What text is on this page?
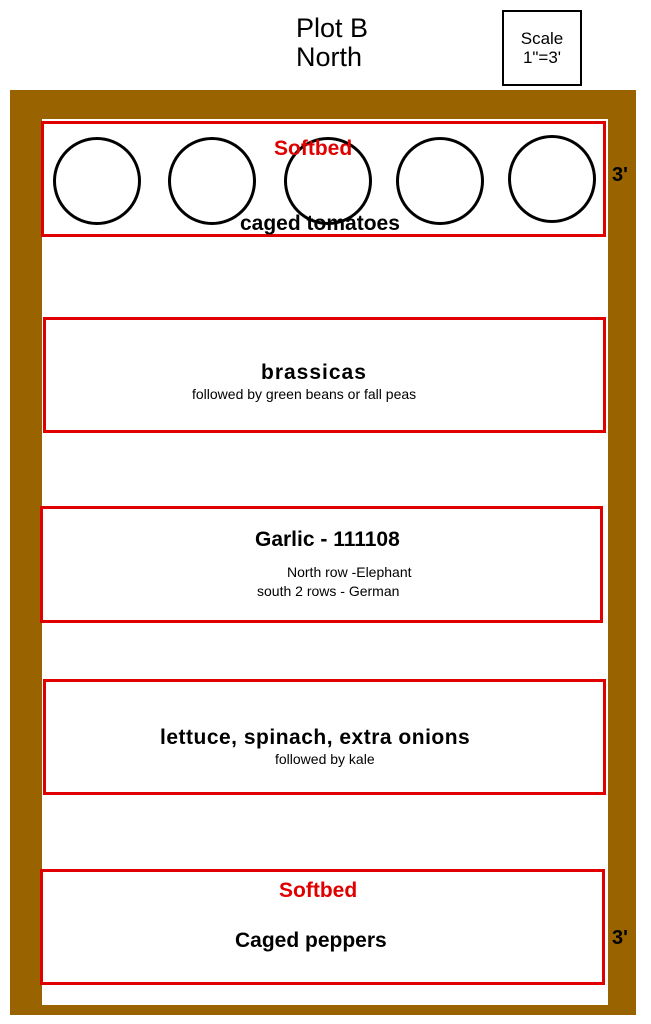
Plot B
North
Scale
1"=3'
Softbed
caged tomatoes
3'
brassicas
followed by green beans or fall peas
Garlic - 111108
North row -Elephant
south 2 rows - German
lettuce, spinach, extra onions
followed by kale
Softbed
Caged peppers	3'
